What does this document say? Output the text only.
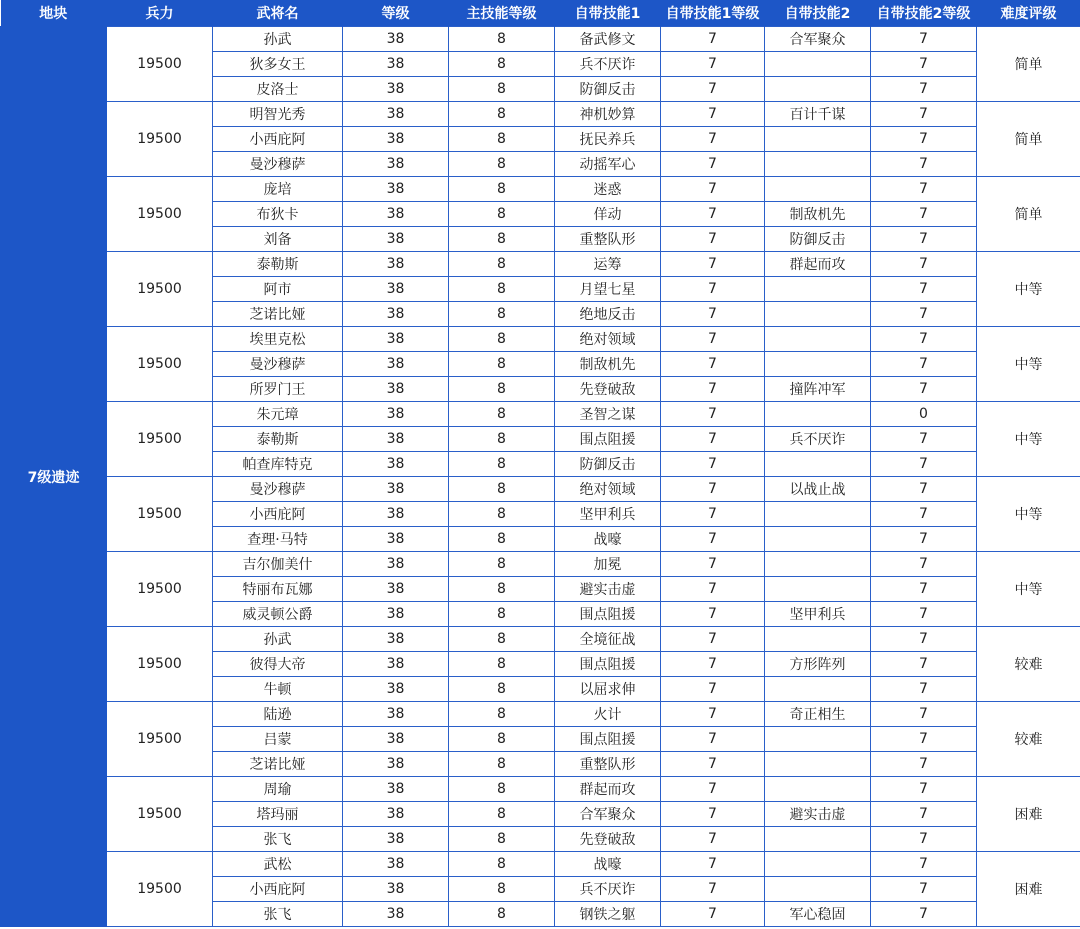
地块	兵力	武将名	等级	主技能等级	自带技能1	自带技能1等级	自带技能2	自带技能2等级	难度评级
7级遗迹	19500	孙武	38	8	备武修文	7	合军聚众	7	简单
		狄多女王	38	8	兵不厌诈	7		7	
		皮洛士	38	8	防御反击	7		7	
	19500	明智光秀	38	8	神机妙算	7	百计千谋	7	简单
		小西庇阿	38	8	抚民养兵	7		7	
		曼沙穆萨	38	8	动摇军心	7		7	
	19500	庞培	38	8	迷惑	7		7	简单
		布狄卡	38	8	佯动	7	制敌机先	7	
		刘备	38	8	重整队形	7	防御反击	7	
	19500	泰勒斯	38	8	运筹	7	群起而攻	7	中等
		阿市	38	8	月望七星	7		7	
		芝诺比娅	38	8	绝地反击	7		7	
	19500	埃里克松	38	8	绝对领域	7		7	中等
		曼沙穆萨	38	8	制敌机先	7		7	
		所罗门王	38	8	先登破敌	7	撞阵冲军	7	
	19500	朱元璋	38	8	圣智之谋	7		0	中等
		泰勒斯	38	8	围点阻援	7	兵不厌诈	7	
		帕查库特克	38	8	防御反击	7		7	
	19500	曼沙穆萨	38	8	绝对领域	7	以战止战	7	中等
		小西庇阿	38	8	坚甲利兵	7		7	
		查理·马特	38	8	战嚎	7		7	
	19500	吉尔伽美什	38	8	加冕	7		7	中等
		特丽布瓦娜	38	8	避实击虚	7		7	
		威灵顿公爵	38	8	围点阻援	7	坚甲利兵	7	
	19500	孙武	38	8	全境征战	7		7	较难
		彼得大帝	38	8	围点阻援	7	方形阵列	7	
		牛顿	38	8	以屈求伸	7		7	
	19500	陆逊	38	8	火计	7	奇正相生	7	较难
		吕蒙	38	8	围点阻援	7		7	
		芝诺比娅	38	8	重整队形	7		7	
	19500	周瑜	38	8	群起而攻	7		7	困难
		塔玛丽	38	8	合军聚众	7	避实击虚	7	
		张飞	38	8	先登破敌	7		7	
	19500	武松	38	8	战嚎	7		7	困难
		小西庇阿	38	8	兵不厌诈	7		7	
		张飞	38	8	钢铁之躯	7	军心稳固	7	
